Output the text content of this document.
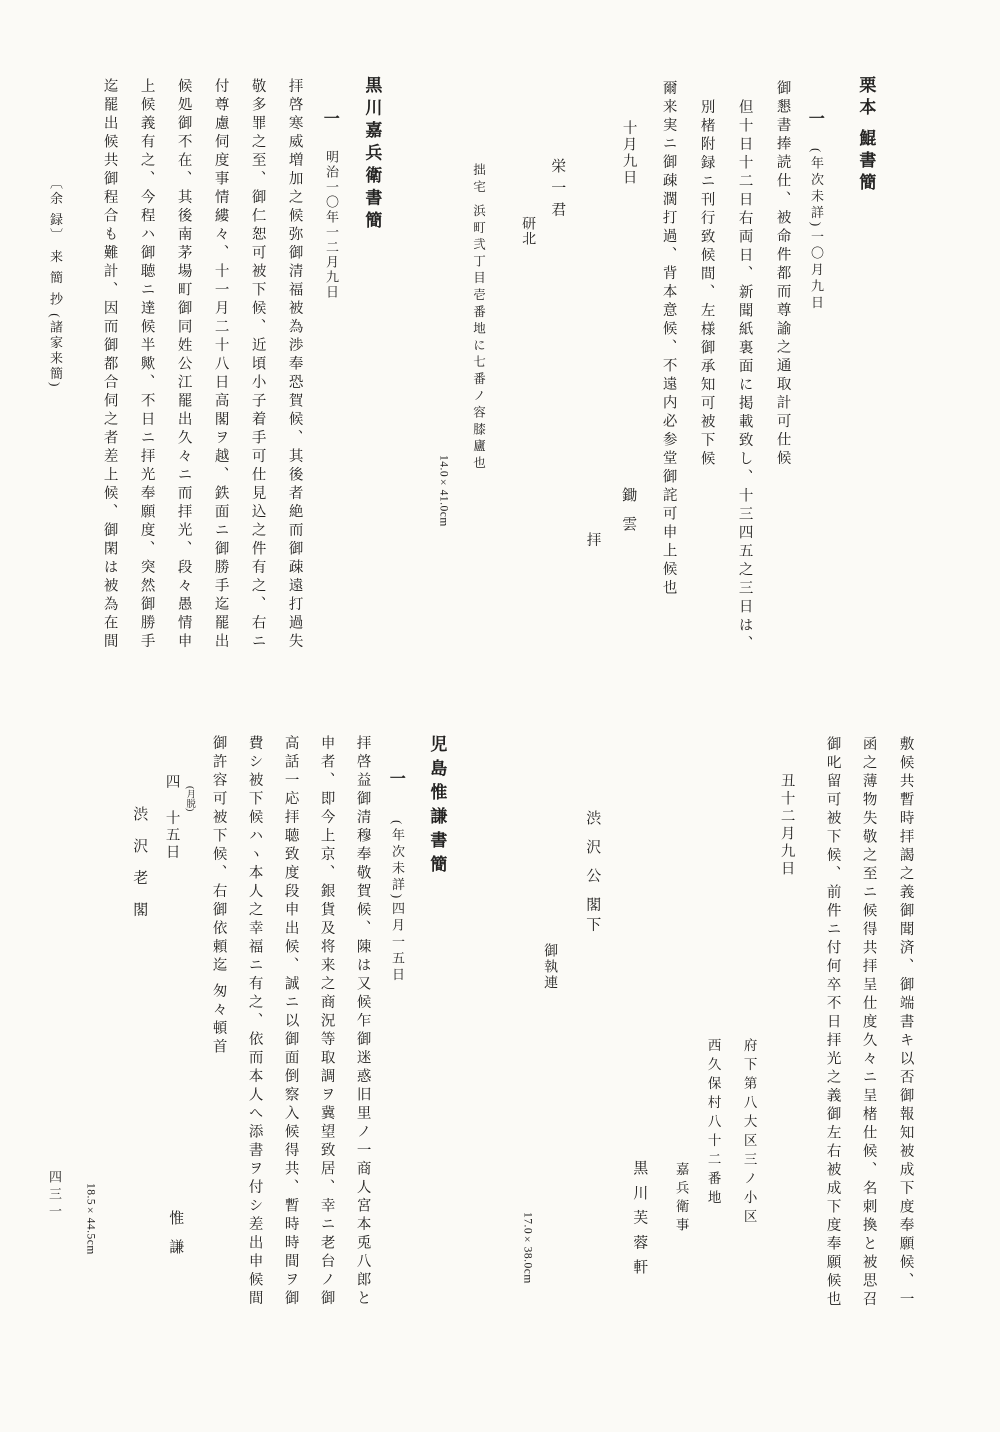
栗本 鯤書簡
一
(年次未詳)一〇月九日
御懇書捧読仕、被命件都而尊諭之通取計可仕候
但十日十二日右両日、新聞紙裏面に掲載致し、十三四五之三日は、
別楮附録ニ刊行致候間、左様御承知可被下候
爾来実ニ御疎濶打過、背本意候、不遠内必参堂御詫可申上候也
十月九日
鋤 雲
拝
栄 一 君
研北
拙宅 浜町弐丁目壱番地に七番ノ容膝廬也
14.0×41.0cm
黒川嘉兵衛書簡
一
明治一〇年一二月九日
拝啓寒威増加之候弥御清福被為渉奉恐賀候、其後者絶而御疎遠打過失
敬多罪之至、御仁恕可被下候、近頃小子着手可仕見込之件有之、右ニ
付尊慮伺度事情縷々、十一月二十八日高閣ヲ越、鉄面ニ御勝手迄罷出
候処御不在、其後南茅場町御同姓公江罷出久々ニ而拝光、段々愚情申
上候義有之、今程ハ御聴ニ達候半歟、不日ニ拝光奉願度、突然御勝手
迄罷出候共御程合も難計、因而御都合伺之者差上候、御閑は被為在間
〔余 録〕 来 簡 抄 (諸家来簡)
敷候共暫時拝謁之義御聞済、御端書キ以否御報知被成下度奉願候、一
函之薄物失敬之至ニ候得共拝呈仕度久々ニ呈楮仕候、名刺換と被思召
御叱留可被下候、前件ニ付何卒不日拝光之義御左右被成下度奉願候也
丑十二月九日
府下第八大区三ノ小区
西久保村八十二番地
嘉兵衛事
黒 川 芙 蓉 軒
渋 沢 公 閣下
御執連
17.0×38.0cm
児島惟謙書簡
一
(年次未詳)四月一五日
拝啓益御清穆奉敬賀候、陳は又候乍御迷惑旧里ノ一商人宮本兎八郎と
申者、即今上京、銀貨及将来之商況等取調ヲ冀望致居、幸ニ老台ノ御
高話一応拝聴致度段申出候、誠ニ以御面倒察入候得共、暫時時間ヲ御
費シ被下候ハヽ本人之幸福ニ有之、依而本人へ添書ヲ付シ差出申候間
御許容可被下候、右御依頼迄 匆々頓首
(月脱)
四
十五日
惟 謙
渋 沢 老 閣
18.5×44.5cm
四三一
